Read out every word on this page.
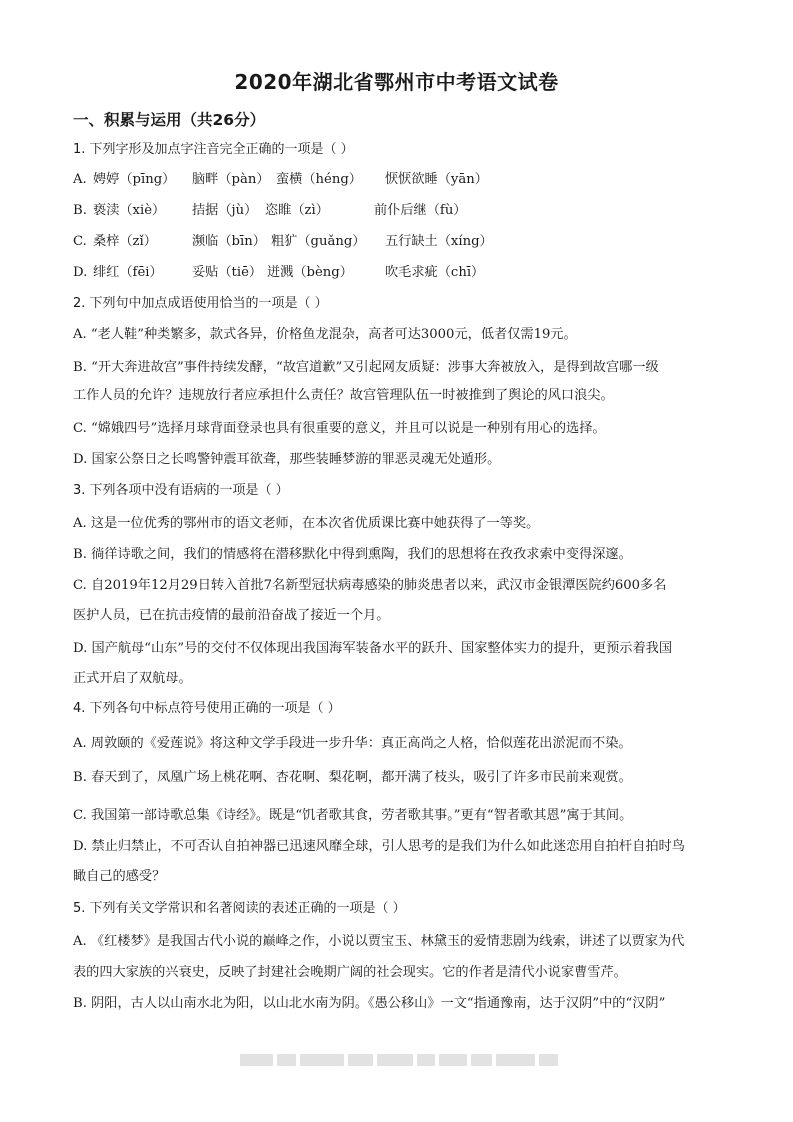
2020年湖北省鄂州市中考语文试卷
一、积累与运用（共26分）
1. 下列字形及加点字注音完全正确的一项是（ ）
A. 娉婷（pīng） 脑畔（pàn） 蛮横（héng） 恹恹欲睡（yān）
B. 亵渎（xiè） 拮据（jù） 恣睢（zì）	前仆后继（fù）
C. 桑梓（zǐ）	濒临（bīn） 粗犷（guǎng） 五行缺土（xíng）
D. 绯红（fēi） 妥贴（tiē） 迸溅（bèng） 吹毛求疵（chī）
2. 下列句中加点成语使用恰当的一项是（ ）
A. “老人鞋”种类繁多，款式各异，价格鱼龙混杂，高者可达3000元，低者仅需19元。
B. “开大奔进故宫”事件持续发酵，“故宫道歉”又引起网友质疑：涉事大奔被放入，是得到故宫哪一级
工作人员的允许？违规放行者应承担什么责任？故宫管理队伍一时被推到了舆论的风口浪尖。
C. “嫦娥四号”选择月球背面登录也具有很重要的意义，并且可以说是一种别有用心的选择。
D. 国家公祭日之长鸣警钟震耳欲聋，那些装睡梦游的罪恶灵魂无处遁形。
3. 下列各项中没有语病的一项是（ ）
A. 这是一位优秀的鄂州市的语文老师，在本次省优质课比赛中她获得了一等奖。
B. 徜徉诗歌之间，我们的情感将在潜移默化中得到熏陶，我们的思想将在孜孜求索中变得深邃。
C. 自2019年12月29日转入首批7名新型冠状病毒感染的肺炎患者以来，武汉市金银潭医院约600多名
医护人员，已在抗击疫情的最前沿奋战了接近一个月。
D. 国产航母“山东”号的交付不仅体现出我国海军装备水平的跃升、国家整体实力的提升，更预示着我国
正式开启了双航母。
4. 下列各句中标点符号使用正确的一项是（ ）
A. 周敦颐的《爱莲说》将这种文学手段进一步升华：真正高尚之人格，恰似莲花出淤泥而不染。
B. 春天到了，凤凰广场上桃花啊、杏花啊、梨花啊，都开满了枝头，吸引了许多市民前来观赏。
C. 我国第一部诗歌总集《诗经》。既是“饥者歌其食，劳者歌其事。”更有“智者歌其恩”寓于其间。
D. 禁止归禁止，不可否认自拍神器已迅速风靡全球，引人思考的是我们为什么如此迷恋用自拍杆自拍时鸟
瞰自己的感受？
5. 下列有关文学常识和名著阅读的表述正确的一项是（ ）
A. 《红楼梦》是我国古代小说的巅峰之作，小说以贾宝玉、林黛玉的爱情悲剧为线索，讲述了以贾家为代
表的四大家族的兴衰史，反映了封建社会晚期广阔的社会现实。它的作者是清代小说家曹雪芹。
B. 阴阳，古人以山南水北为阳，以山北水南为阴。《愚公移山》一文“指通豫南，达于汉阴”中的“汉阴”
